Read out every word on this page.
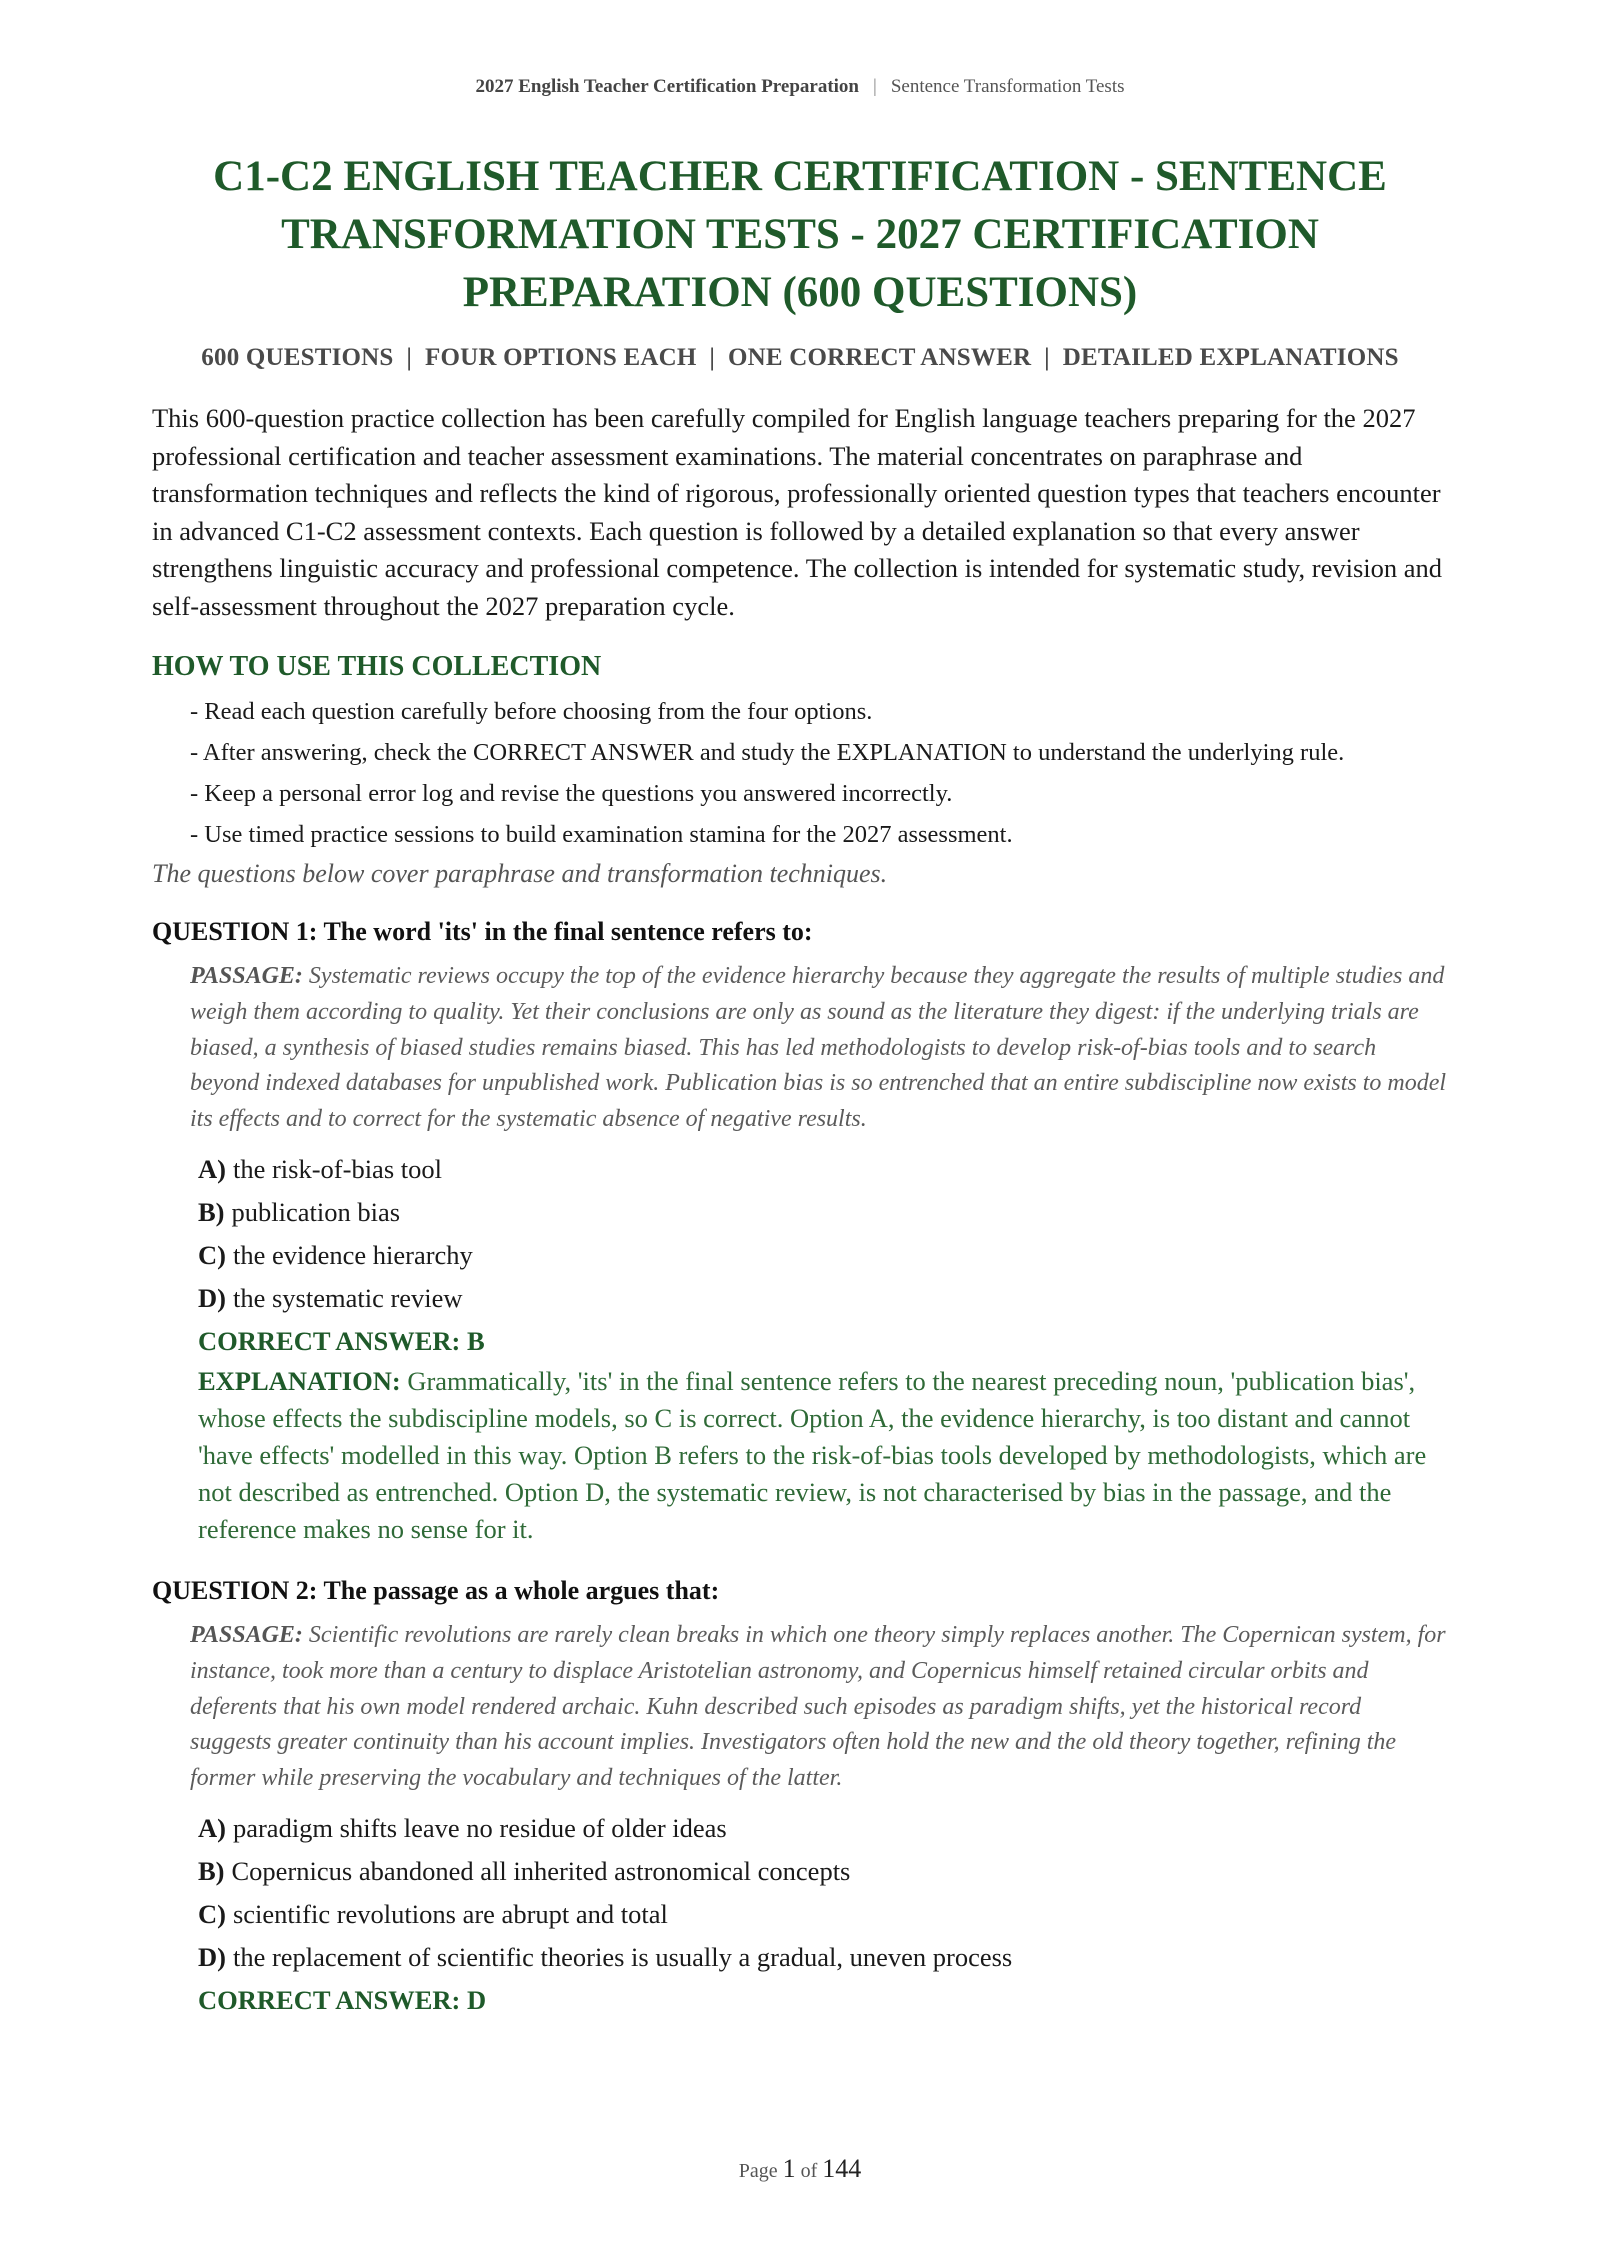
2027 English Teacher Certification Preparation | Sentence Transformation Tests
C1-C2 ENGLISH TEACHER CERTIFICATION - SENTENCE TRANSFORMATION TESTS - 2027 CERTIFICATION PREPARATION (600 QUESTIONS)
600 QUESTIONS  |  FOUR OPTIONS EACH  |  ONE CORRECT ANSWER  |  DETAILED EXPLANATIONS

This 600-question practice collection has been carefully compiled for English language teachers preparing for the 2027 professional certification and teacher assessment examinations. The material concentrates on paraphrase and transformation techniques and reflects the kind of rigorous, professionally oriented question types that teachers encounter in advanced C1-C2 assessment contexts. Each question is followed by a detailed explanation so that every answer strengthens linguistic accuracy and professional competence. The collection is intended for systematic study, revision and self-assessment throughout the 2027 preparation cycle.

HOW TO USE THIS COLLECTION
- Read each question carefully before choosing from the four options.
- After answering, check the CORRECT ANSWER and study the EXPLANATION to understand the underlying rule.
- Keep a personal error log and revise the questions you answered incorrectly.
- Use timed practice sessions to build examination stamina for the 2027 assessment.
The questions below cover paraphrase and transformation techniques.
QUESTION 1: The word 'its' in the final sentence refers to:
PASSAGE: Systematic reviews occupy the top of the evidence hierarchy because they aggregate the results of multiple studies and weigh them according to quality. Yet their conclusions are only as sound as the literature they digest: if the underlying trials are biased, a synthesis of biased studies remains biased. This has led methodologists to develop risk-of-bias tools and to search beyond indexed databases for unpublished work. Publication bias is so entrenched that an entire subdiscipline now exists to model its effects and to correct for the systematic absence of negative results.
A) the risk-of-bias tool
B) publication bias
C) the evidence hierarchy
D) the systematic review
CORRECT ANSWER: B
EXPLANATION: Grammatically, 'its' in the final sentence refers to the nearest preceding noun, 'publication bias', whose effects the subdiscipline models, so C is correct. Option A, the evidence hierarchy, is too distant and cannot 'have effects' modelled in this way. Option B refers to the risk-of-bias tools developed by methodologists, which are not described as entrenched. Option D, the systematic review, is not characterised by bias in the passage, and the reference makes no sense for it.
QUESTION 2: The passage as a whole argues that:
PASSAGE: Scientific revolutions are rarely clean breaks in which one theory simply replaces another. The Copernican system, for instance, took more than a century to displace Aristotelian astronomy, and Copernicus himself retained circular orbits and deferents that his own model rendered archaic. Kuhn described such episodes as paradigm shifts, yet the historical record suggests greater continuity than his account implies. Investigators often hold the new and the old theory together, refining the former while preserving the vocabulary and techniques of the latter.
A) paradigm shifts leave no residue of older ideas
B) Copernicus abandoned all inherited astronomical concepts
C) scientific revolutions are abrupt and total
D) the replacement of scientific theories is usually a gradual, uneven process
CORRECT ANSWER: D
Page 1 of 144
